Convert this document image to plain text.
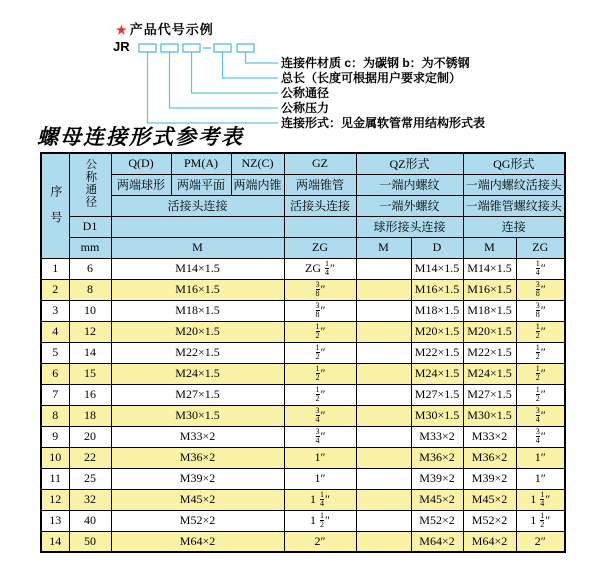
★ 产品代号示例
JR
连接件材质 c：为碳钢 b：为不锈钢
总长（长度可根据用户要求定制）
公称通径
公称压力
连接形式：见金属软管常用结构形式表
螺母连接形式参考表
序号	公称通径	Q(D)	PM(A)	NZ(C)	GZ	QZ形式		QG形式	
		两端球形	两端平面	两端内锥	两端锥管	一端内螺纹		一端内螺纹活接头	
		活接头连接			活接头连接	一端外螺纹		一端锥管螺纹接头	
	D1					球形接头连接		连接	
	mm	M			ZG	M	D	M	ZG
1	6	M14×1.5			ZG $\frac{1}{4}$ ″		M14×1.5	M14×1.5	$\frac{1}{4}$ ″
2	8	M16×1.5			$\frac{3}{8}$ ″		M16×1.5	M16×1.5	$\frac{3}{8}$ ″
3	10	M18×1.5			$\frac{3}{8}$ ″		M18×1.5	M18×1.5	$\frac{3}{8}$ ″
4	12	M20×1.5			$\frac{1}{2}$ ″		M20×1.5	M20×1.5	$\frac{1}{2}$ ″
5	14	M22×1.5			$\frac{1}{2}$ ″		M22×1.5	M22×1.5	$\frac{1}{2}$ ″
6	15	M24×1.5			$\frac{1}{2}$ ″		M24×1.5	M24×1.5	$\frac{1}{2}$ ″
7	16	M27×1.5			$\frac{1}{2}$ ″		M27×1.5	M27×1.5	$\frac{1}{2}$ ″
8	18	M30×1.5			$\frac{3}{4}$ ″		M30×1.5	M30×1.5	$\frac{3}{4}$ ″
9	20	M33×2			$\frac{3}{4}$ ″		M33×2	M33×2	$\frac{3}{4}$ ″
10	22	M36×2			1″		M36×2	M36×2	1″
11	25	M39×2			1″		M39×2	M39×2	1″
12	32	M45×2			$1 \frac{1}{4}$ ″		M45×2	M45×2	$1 \frac{1}{4}$ ″
13	40	M52×2			$1 \frac{1}{2}$ ″		M52×2	M52×2	$1 \frac{1}{2}$ ″
14	50	M64×2			2″		M64×2	M64×2	2″
